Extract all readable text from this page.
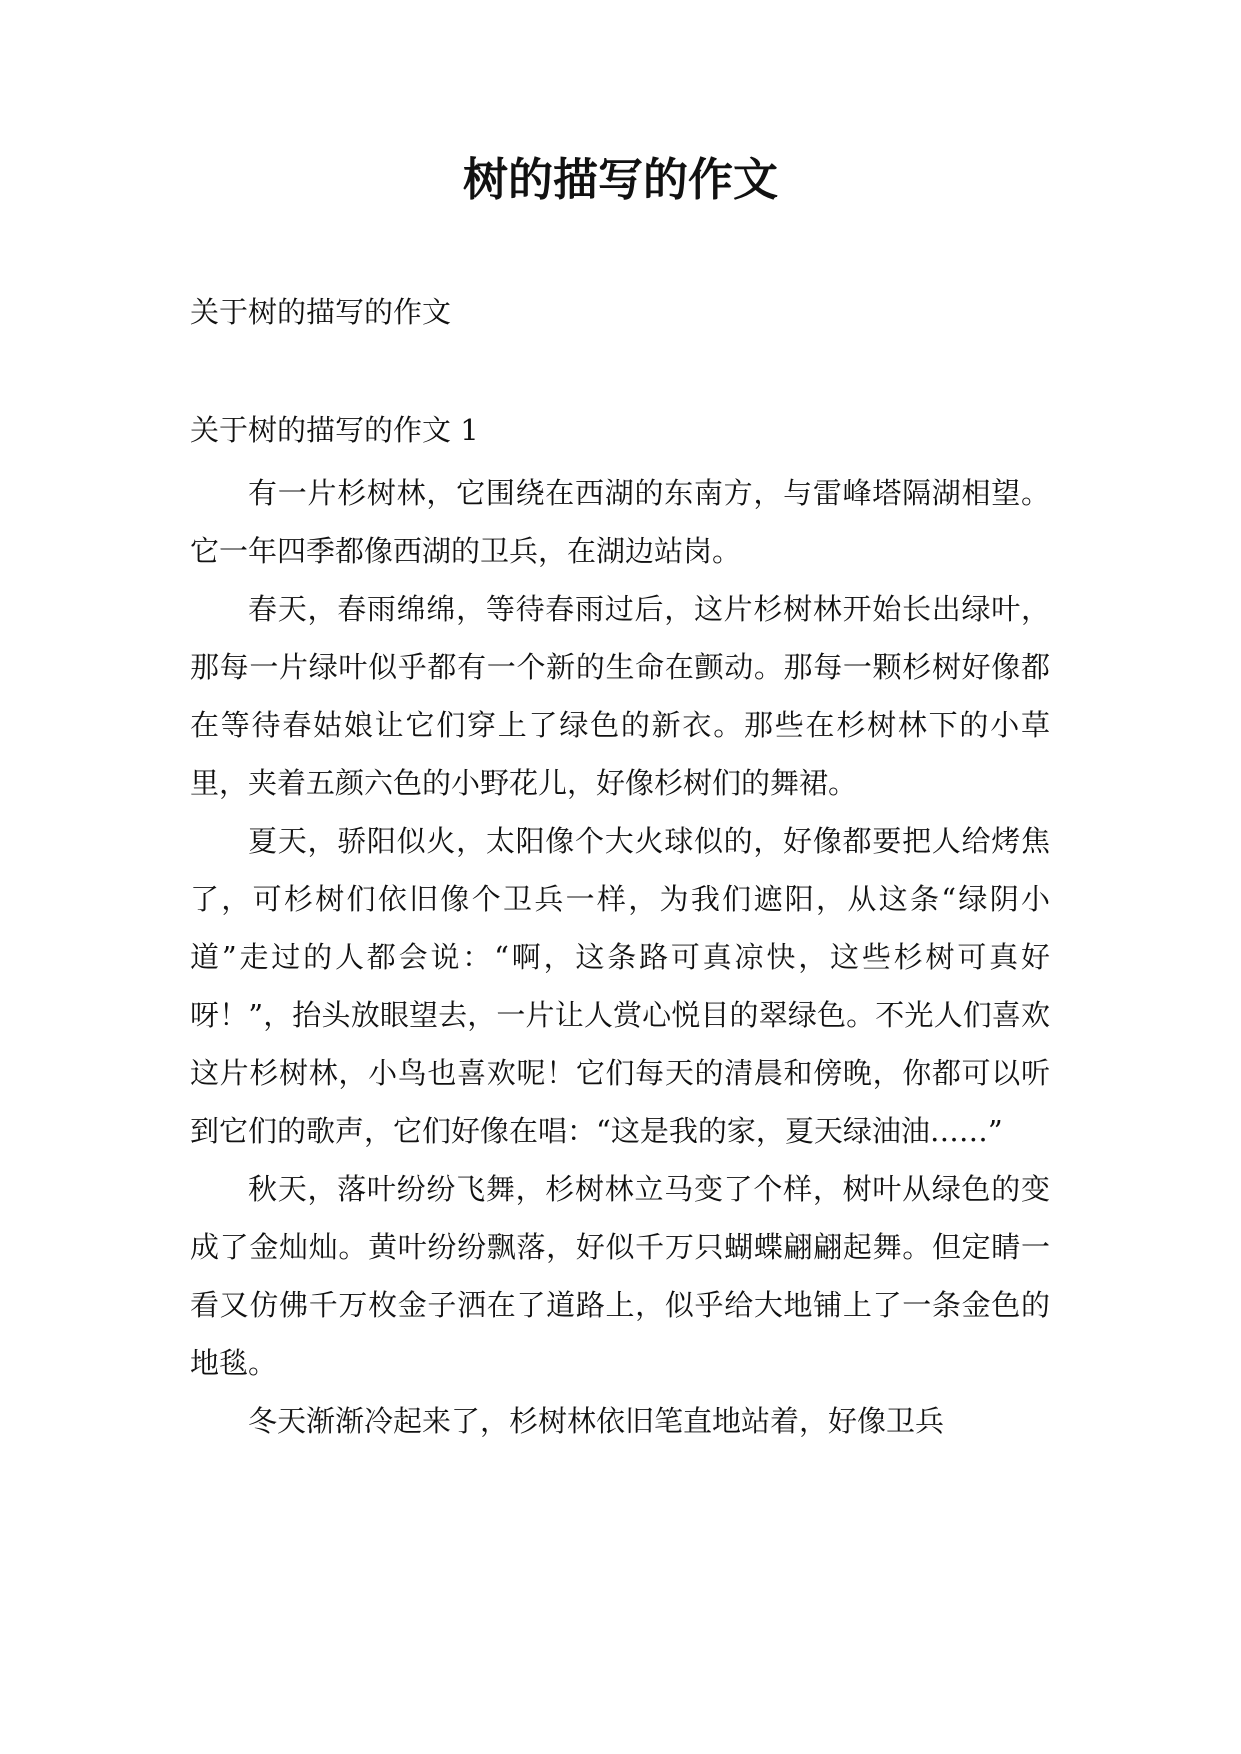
树的描写的作文

关于树的描写的作文

关于树的描写的作文 1

有一片杉树林，它围绕在西湖的东南方，与雷峰塔隔湖相望。它一年四季都像西湖的卫兵，在湖边站岗。

春天，春雨绵绵，等待春雨过后，这片杉树林开始长出绿叶，那每一片绿叶似乎都有一个新的生命在颤动。那每一颗杉树好像都在等待春姑娘让它们穿上了绿色的新衣。那些在杉树林下的小草里，夹着五颜六色的小野花儿，好像杉树们的舞裙。

夏天，骄阳似火，太阳像个大火球似的，好像都要把人给烤焦了，可杉树们依旧像个卫兵一样，为我们遮阳，从这条“绿阴小道”走过的人都会说：“啊，这条路可真凉快，这些杉树可真好呀！”，抬头放眼望去，一片让人赏心悦目的翠绿色。不光人们喜欢这片杉树林，小鸟也喜欢呢！它们每天的清晨和傍晚，你都可以听到它们的歌声，它们好像在唱：“这是我的家，夏天绿油油……”

秋天，落叶纷纷飞舞，杉树林立马变了个样，树叶从绿色的变成了金灿灿。黄叶纷纷飘落，好似千万只蝴蝶翩翩起舞。但定睛一看又仿佛千万枚金子洒在了道路上，似乎给大地铺上了一条金色的地毯。

冬天渐渐冷起来了，杉树林依旧笔直地站着，好像卫兵
